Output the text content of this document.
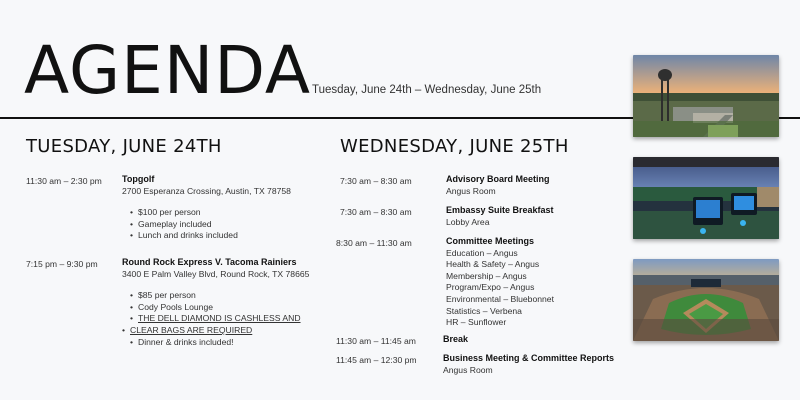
AGENDA Tuesday, June 24th – Wednesday, June 25th
TUESDAY, JUNE 24TH
11:30 am – 2:30 pm Topgolf
2700 Esperanza Crossing, Austin, TX 78758
• $100 per person
• Gameplay included
• Lunch and drinks included
7:15 pm – 9:30 pm	Round Rock Express V. Tacoma Rainiers
3400 E Palm Valley Blvd, Round Rock, TX 78665
• $85 per person
• Cody Pools Lounge
• THE DELL DIAMOND IS CASHLESS AND
• CLEAR BAGS ARE REQUIRED
• Dinner & drinks included!
WEDNESDAY, JUNE 25TH
7:30 am – 8:30 am	Advisory Board Meeting
Angus Room
7:30 am – 8:30 am	Embassy Suite Breakfast
Lobby Area
8:30 am – 11:30 am	Committee Meetings
Education – Angus
Health & Safety – Angus
Membership – Angus
Program/Expo – Angus
Environmental – Bluebonnet
Statistics – Verbena
HR – Sunflower
11:30 am – 11:45 am	Break
11:45 am – 12:30 pm	Business Meeting & Committee Reports
Angus Room
